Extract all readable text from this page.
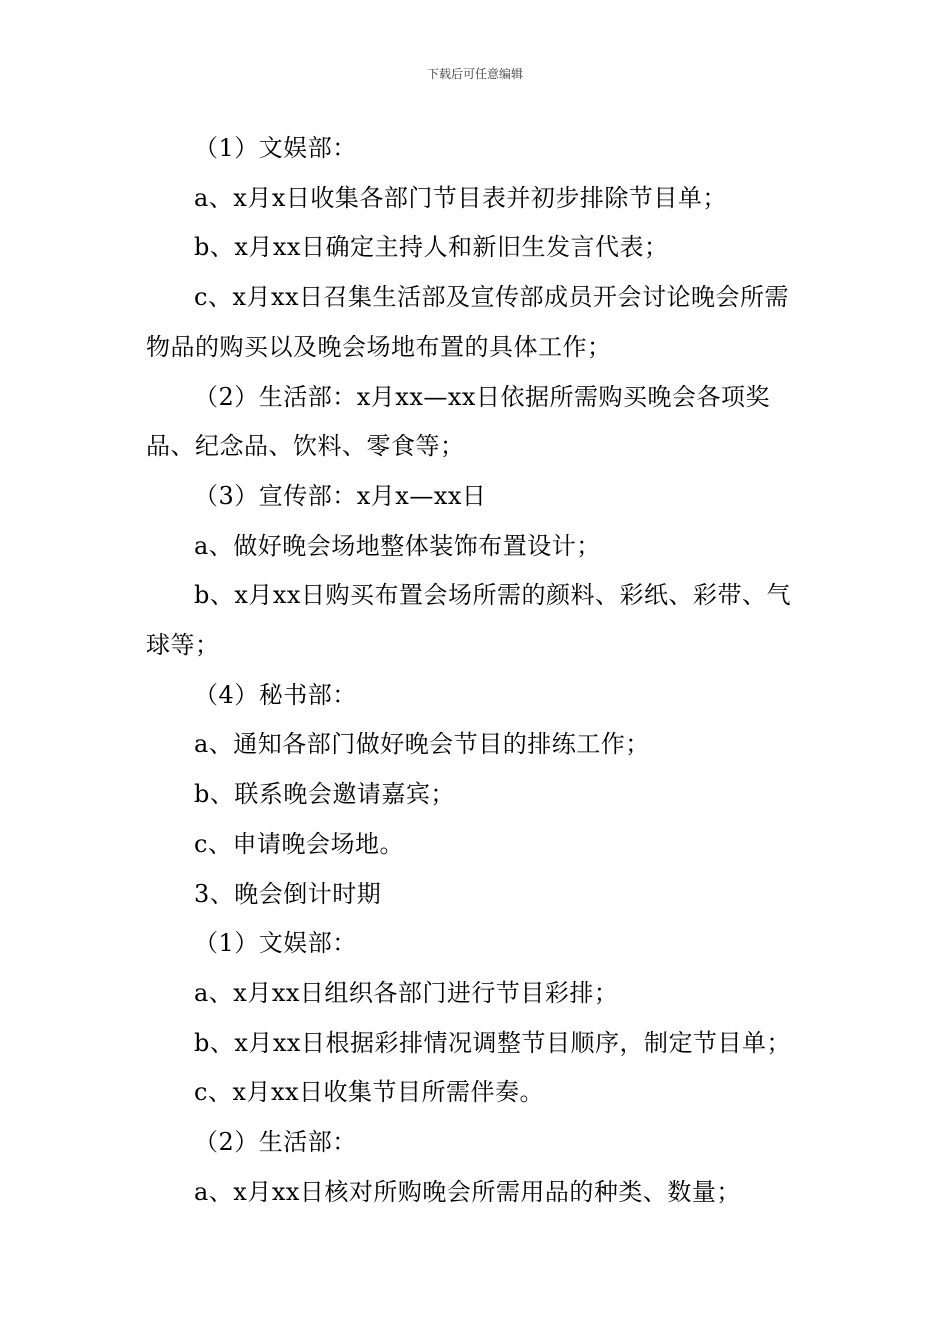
下载后可任意编辑

（1）文娱部：

a、x月x日收集各部门节目表并初步排除节目单；

b、x月xx日确定主持人和新旧生发言代表；

c、x月xx日召集生活部及宣传部成员开会讨论晚会所需物品的购买以及晚会场地布置的具体工作；

（2）生活部：x月xx—xx日依据所需购买晚会各项奖品、纪念品、饮料、零食等；

（3）宣传部：x月x—xx日

a、做好晚会场地整体装饰布置设计；

b、x月xx日购买布置会场所需的颜料、彩纸、彩带、气球等；

（4）秘书部：

a、通知各部门做好晚会节目的排练工作；

b、联系晚会邀请嘉宾；

c、申请晚会场地。

3、晚会倒计时期

（1）文娱部：

a、x月xx日组织各部门进行节目彩排；

b、x月xx日根据彩排情况调整节目顺序，制定节目单；

c、x月xx日收集节目所需伴奏。

（2）生活部：

a、x月xx日核对所购晚会所需用品的种类、数量；
